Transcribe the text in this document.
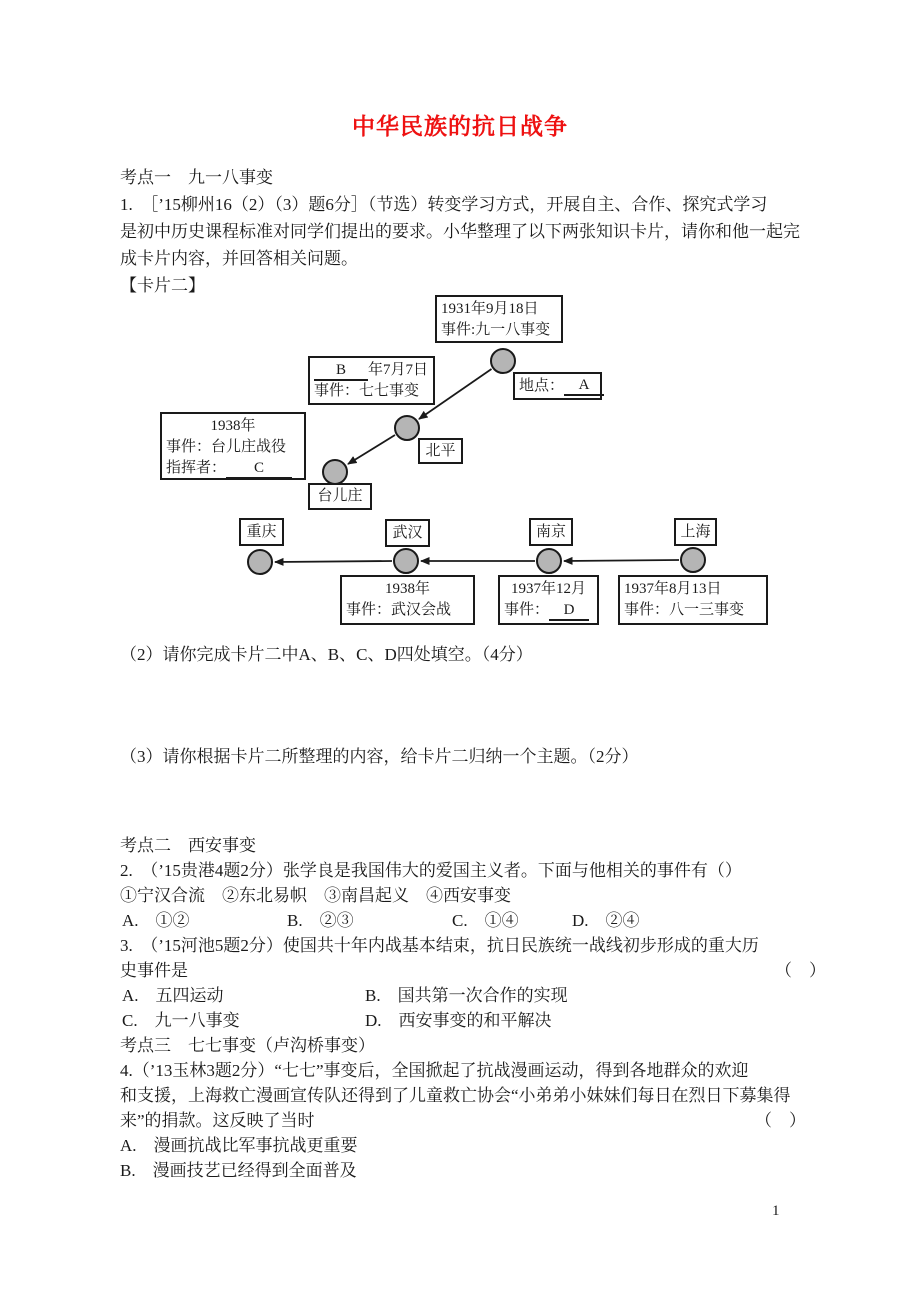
中华民族的抗日战争
考点一　九一八事变
1.　［’15柳州16（2）（3）题6分］（节选）转变学习方式，开展自主、合作、探究式学习
是初中历史课程标准对同学们提出的要求。小华整理了以下两张知识卡片，请你和他一起完
成卡片内容，并回答相关问题。
【卡片二】
1931年9月18日
事件:九一八事变
地点： A
B 年7月7日
事件：七七事变
1938年
事件：台儿庄战役
指挥者： C
北平
台儿庄
重庆	武汉	南京	上海
1938年
事件：武汉会战
1937年12月
事件： D
1937年8月13日
事件：八一三事变
（2）请你完成卡片二中A、B、C、D四处填空。（4分）
（3）请你根据卡片二所整理的内容，给卡片二归纳一个主题。（2分）
考点二　西安事变
2.　（’15贵港4题2分）张学良是我国伟大的爱国主义者。下面与他相关的事件有（）
①宁汉合流　②东北易帜　③南昌起义　④西安事变
A.　①②	B.　②③	C.　①④	D.　②④
3.　（’15河池5题2分）使国共十年内战基本结束，抗日民族统一战线初步形成的重大历
史事件是	（　）
A.　五四运动	B.　国共第一次合作的实现
C.　九一八事变	D.　西安事变的和平解决
考点三　七七事变（卢沟桥事变）
4.（’13玉林3题2分）“七七”事变后，全国掀起了抗战漫画运动，得到各地群众的欢迎
和支援，上海救亡漫画宣传队还得到了儿童救亡协会“小弟弟小妹妹们每日在烈日下募集得
来”的捐款。这反映了当时	（　）
A.　漫画抗战比军事抗战更重要
B.　漫画技艺已经得到全面普及
1
